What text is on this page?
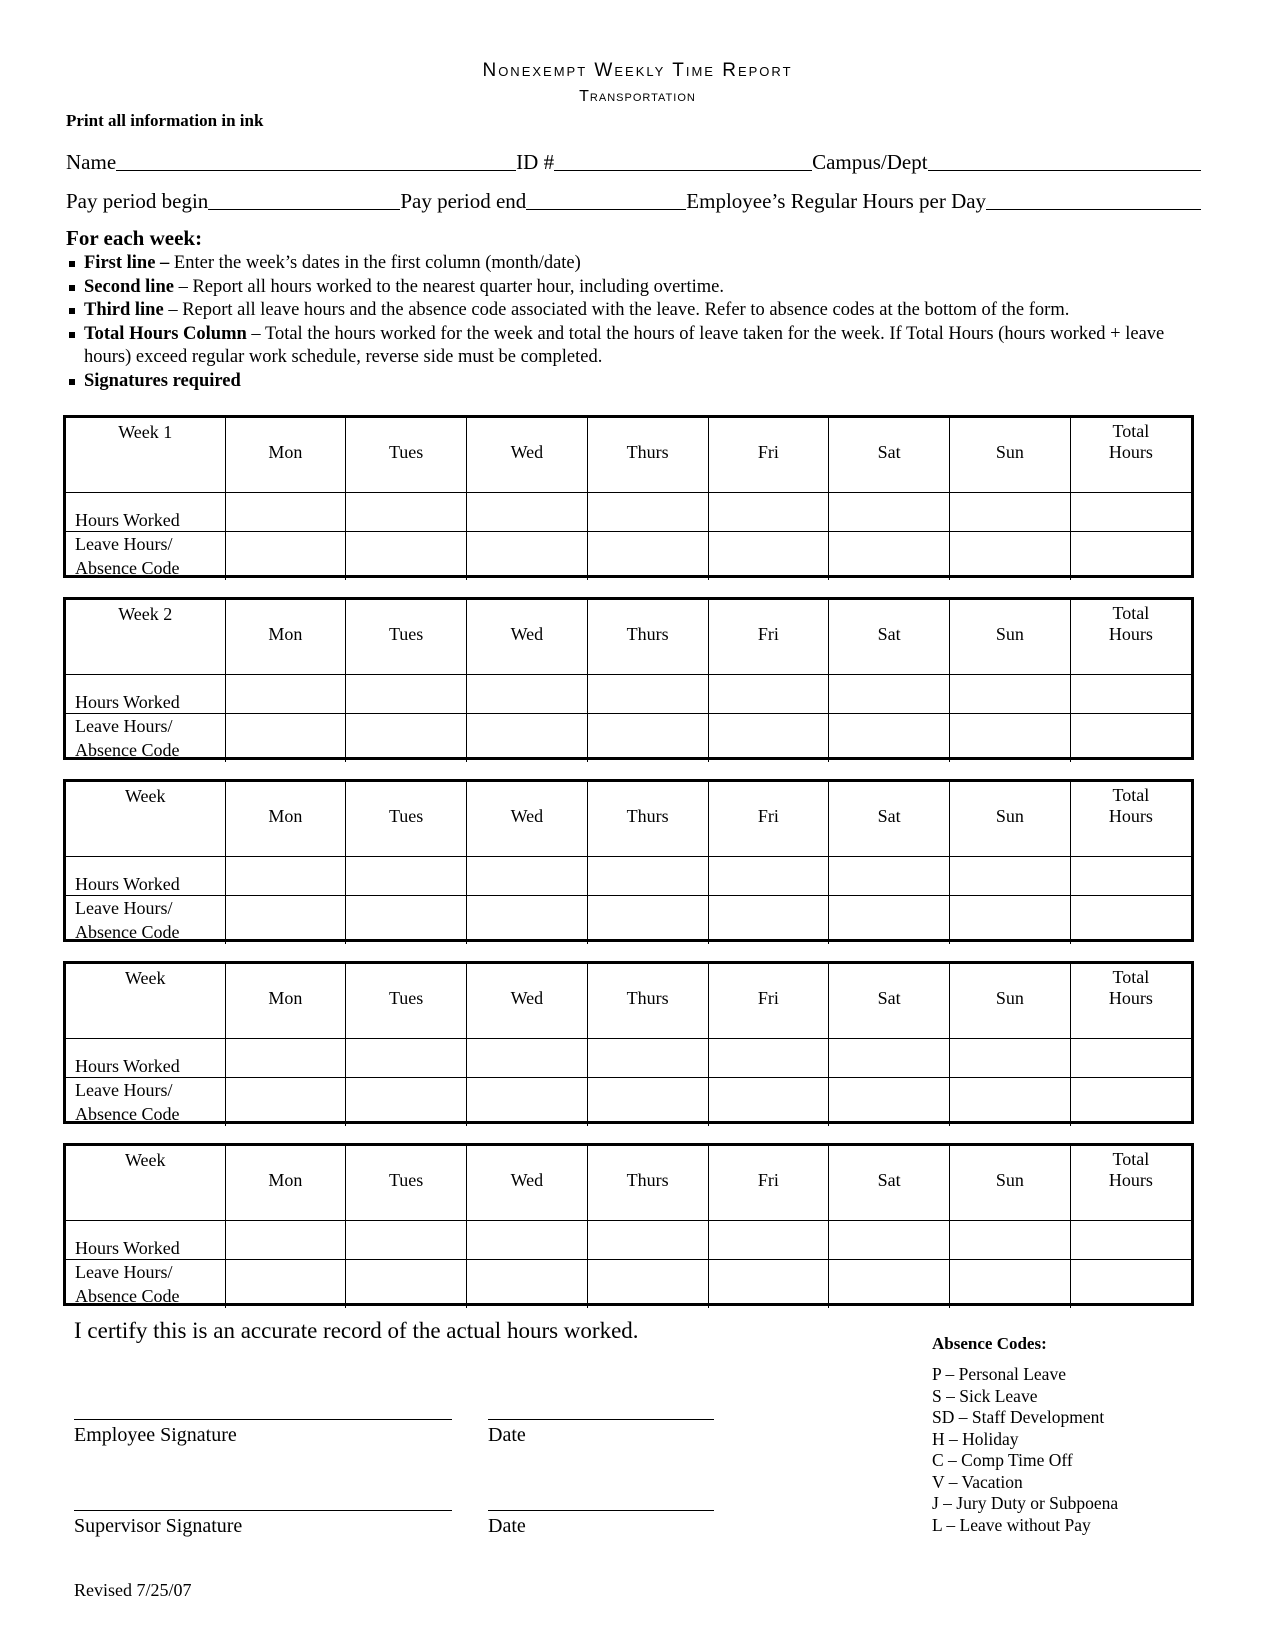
Nonexempt Weekly Time Report
Transportation
Print all information in ink
Name	ID #	Campus/Dept
Pay period begin	Pay period end	Employee’s Regular Hours per Day
For each week:
First line – Enter the week’s dates in the first column (month/date)
Second line – Report all hours worked to the nearest quarter hour, including overtime.
Third line – Report all leave hours and the absence code associated with the leave. Refer to absence codes at the bottom of the form.
Total Hours Column – Total the hours worked for the week and total the hours of leave taken for the week. If Total Hours (hours worked + leave hours) exceed regular work schedule, reverse side must be completed.
Signatures required
Week 1	Mon	Tues	Wed	Thurs	Fri	Sat	Sun	Total
Hours
Hours Worked								
Leave Hours/
Absence Code								
Week 2	Mon	Tues	Wed	Thurs	Fri	Sat	Sun	Total
Hours
Hours Worked								
Leave Hours/
Absence Code								
Week	Mon	Tues	Wed	Thurs	Fri	Sat	Sun	Total
Hours
Hours Worked								
Leave Hours/
Absence Code								
Week	Mon	Tues	Wed	Thurs	Fri	Sat	Sun	Total
Hours
Hours Worked								
Leave Hours/
Absence Code								
Week	Mon	Tues	Wed	Thurs	Fri	Sat	Sun	Total
Hours
Hours Worked								
Leave Hours/
Absence Code								
I certify this is an accurate record of the actual hours worked.
Employee Signature	Date
Supervisor Signature	Date
Absence Codes:
P – Personal Leave
S – Sick Leave
SD – Staff Development
H – Holiday
C – Comp Time Off
V – Vacation
J – Jury Duty or Subpoena
L – Leave without Pay
Revised 7/25/07
